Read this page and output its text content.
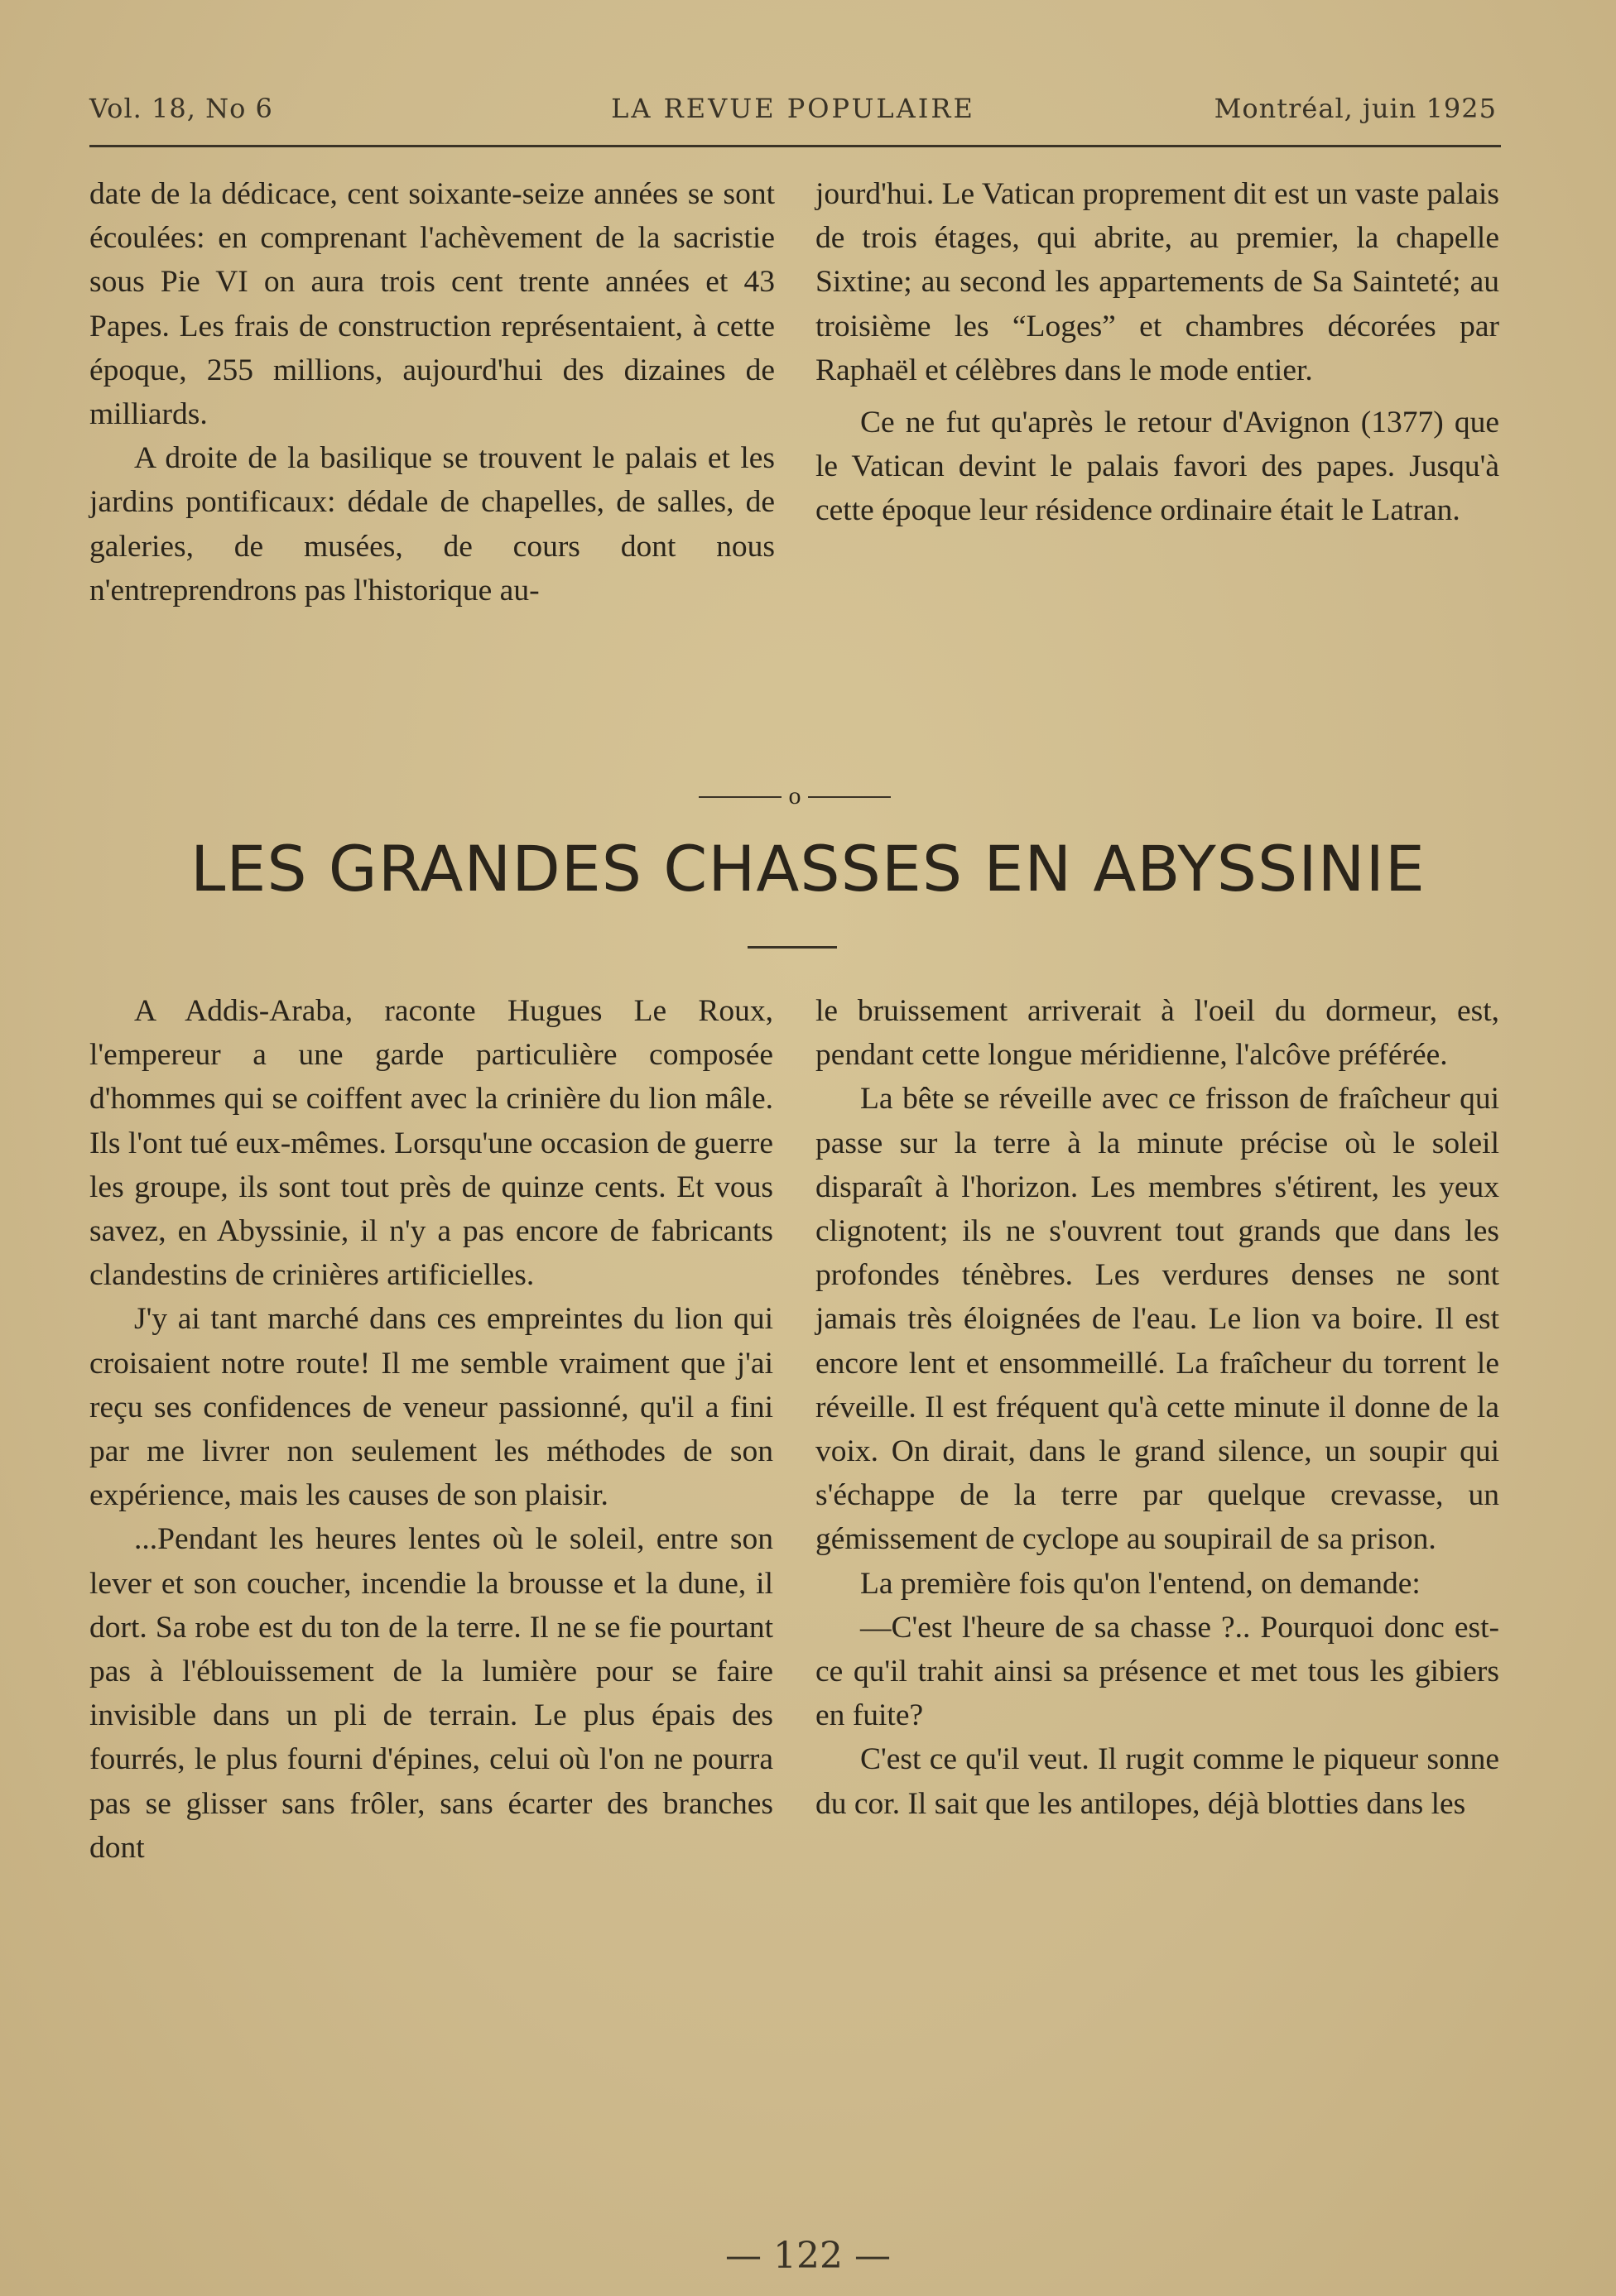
Vol. 18, No 6	LA REVUE POPULAIRE	Montréal, juin 1925

date de la dédicace, cent soixante-seize années se sont écoulées: en comprenant l'achèvement de la sacristie sous Pie VI on aura trois cent trente années et 43 Papes. Les frais de construction représentaient, à cette époque, 255 millions, aujourd'hui des dizaines de milliards.

A droite de la basilique se trouvent le palais et les jardins pontificaux: dédale de chapelles, de salles, de galeries, de musées, de cours dont nous n'entreprendrons pas l'historique au-

jourd'hui. Le Vatican proprement dit est un vaste palais de trois étages, qui abrite, au premier, la chapelle Sixtine; au second les appartements de Sa Sainteté; au troisième les “Loges” et chambres décorées par Raphaël et célèbres dans le mode entier.

Ce ne fut qu'après le retour d'Avignon (1377) que le Vatican devint le palais favori des papes. Jusqu'à cette époque leur résidence ordinaire était le Latran.

o
LES GRANDES CHASSES EN ABYSSINIE

A Addis-Araba, raconte Hugues Le Roux, l'empereur a une garde particulière composée d'hommes qui se coiffent avec la crinière du lion mâle. Ils l'ont tué eux-mêmes. Lorsqu'une occasion de guerre les groupe, ils sont tout près de quinze cents. Et vous savez, en Abyssinie, il n'y a pas encore de fabricants clandestins de crinières artificielles.

J'y ai tant marché dans ces empreintes du lion qui croisaient notre route! Il me semble vraiment que j'ai reçu ses confidences de veneur passionné, qu'il a fini par me livrer non seulement les méthodes de son expérience, mais les causes de son plaisir.

...Pendant les heures lentes où le soleil, entre son lever et son coucher, incendie la brousse et la dune, il dort. Sa robe est du ton de la terre. Il ne se fie pourtant pas à l'éblouissement de la lumière pour se faire invisible dans un pli de terrain. Le plus épais des fourrés, le plus fourni d'épines, celui où l'on ne pourra pas se glisser sans frôler, sans écarter des branches dont

le bruissement arriverait à l'oeil du dormeur, est, pendant cette longue méridienne, l'alcôve préférée.

La bête se réveille avec ce frisson de fraîcheur qui passe sur la terre à la minute précise où le soleil disparaît à l'horizon. Les membres s'étirent, les yeux clignotent; ils ne s'ouvrent tout grands que dans les profondes ténèbres. Les verdures denses ne sont jamais très éloignées de l'eau. Le lion va boire. Il est encore lent et ensommeillé. La fraîcheur du torrent le réveille. Il est fréquent qu'à cette minute il donne de la voix. On dirait, dans le grand silence, un soupir qui s'échappe de la terre par quelque crevasse, un gémissement de cyclope au soupirail de sa prison.

La première fois qu'on l'entend, on demande:

—C'est l'heure de sa chasse ?.. Pourquoi donc est-ce qu'il trahit ainsi sa présence et met tous les gibiers en fuite?

C'est ce qu'il veut. Il rugit comme le piqueur sonne du cor. Il sait que les antilopes, déjà blotties dans les

— 122 —
